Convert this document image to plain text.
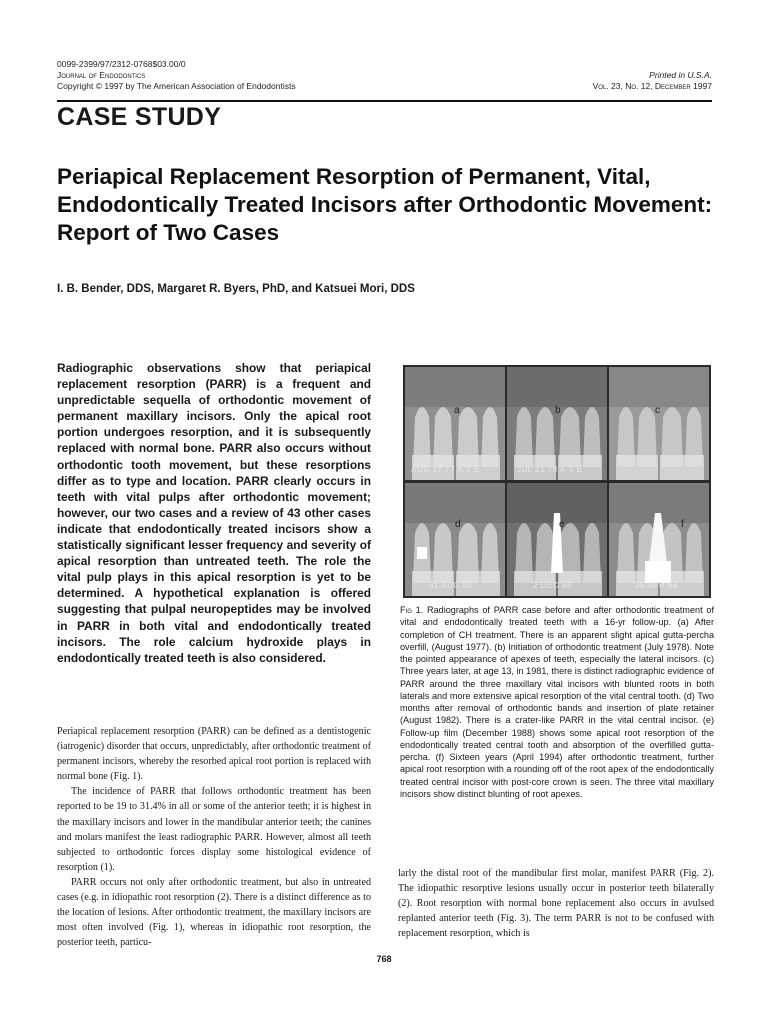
0099-2399/97/2312-0768$03.00/0
Journal of Endodontics
Copyright © 1997 by The American Association of Endodontists
Printed in U.S.A.
Vol. 23, No. 12, December 1997
CASE STUDY
Periapical Replacement Resorption of Permanent, Vital, Endodontically Treated Incisors after Orthodontic Movement: Report of Two Cases
I. B. Bender, DDS, Margaret R. Byers, PhD, and Katsuei Mori, DDS

Radiographic observations show that periapical replacement resorption (PARR) is a frequent and unpredictable sequella of orthodontic movement of permanent maxillary incisors. Only the apical root portion undergoes resorption, and it is subsequently replaced with normal bone. PARR also occurs without orthodontic tooth movement, but these resorptions differ as to type and location. PARR clearly occurs in teeth with vital pulps after orthodontic movement; however, our two cases and a review of 43 other cases indicate that endodontically treated incisors show a statistically significant lesser frequency and severity of apical resorption than untreated teeth. The role the vital pulp plays in this apical resorption is yet to be determined. A hypothetical explanation is offered suggesting that pulpal neuropeptides may be involved in PARR in both vital and endodontically treated incisors. The role calcium hydroxide plays in endodontically treated teeth is also considered.

Periapical replacement resorption (PARR) can be defined as a dentistogenic (iatrogenic) disorder that occurs, unpredictably, after orthodontic treatment of permanent incisors, whereby the resorbed apical root portion is replaced with normal bone (Fig. 1).

The incidence of PARR that follows orthodontic treatment has been reported to be 19 to 31.4% in all or some of the anterior teeth; it is highest in the maxillary incisors and lower in the mandibular anterior teeth; the canines and molars manifest the least radiographic PARR. However, almost all teeth subjected to orthodontic forces display some histological evidence of resorption (1).

PARR occurs not only after orthodontic treatment, but also in untreated cases (e.g. in idiopathic root resorption (2). There is a distinct difference as to the location of lesions. After orthodontic treatment, the maxillary incisors are most often involved (Fig. 1), whereas in idiopathic root resorption, the posterior teeth, particu-

a
AUG 17 77 K T E
b
JUL 21 78 K T E
c
d
31 AUG 82
e
2 DEC 88
f
25 APR 94

Fig 1. Radiographs of PARR case before and after orthodontic treatment of vital and endodontically treated teeth with a 16-yr follow-up. (a) After completion of CH treatment. There is an apparent slight apical gutta-percha overfill, (August 1977). (b) Initiation of orthodontic treatment (July 1978). Note the pointed appearance of apexes of teeth, especially the lateral incisors. (c) Three years later, at age 13, in 1981, there is distinct radiographic evidence of PARR around the three maxillary vital incisors with blunted roots in both laterals and more extensive apical resorption of the vital central tooth. (d) Two months after removal of orthodontic bands and insertion of plate retainer (August 1982). There is a crater-like PARR in the vital central incisor. (e) Follow-up film (December 1988) shows some apical root resorption of the endodontically treated central tooth and absorption of the overfilled gutta-percha. (f) Sixteen years (April 1994) after orthodontic treatment, further apical root resorption with a rounding off of the root apex of the endodontically treated central incisor with post-core crown is seen. The three vital maxillary incisors show distinct blunting of root apexes.

larly the distal root of the mandibular first molar, manifest PARR (Fig. 2). The idiopathic resorptive lesions usually occur in posterior teeth bilaterally (2). Root resorption with normal bone replacement also occurs in avulsed replanted anterior teeth (Fig. 3). The term PARR is not to be confused with replacement resorption, which is

768
